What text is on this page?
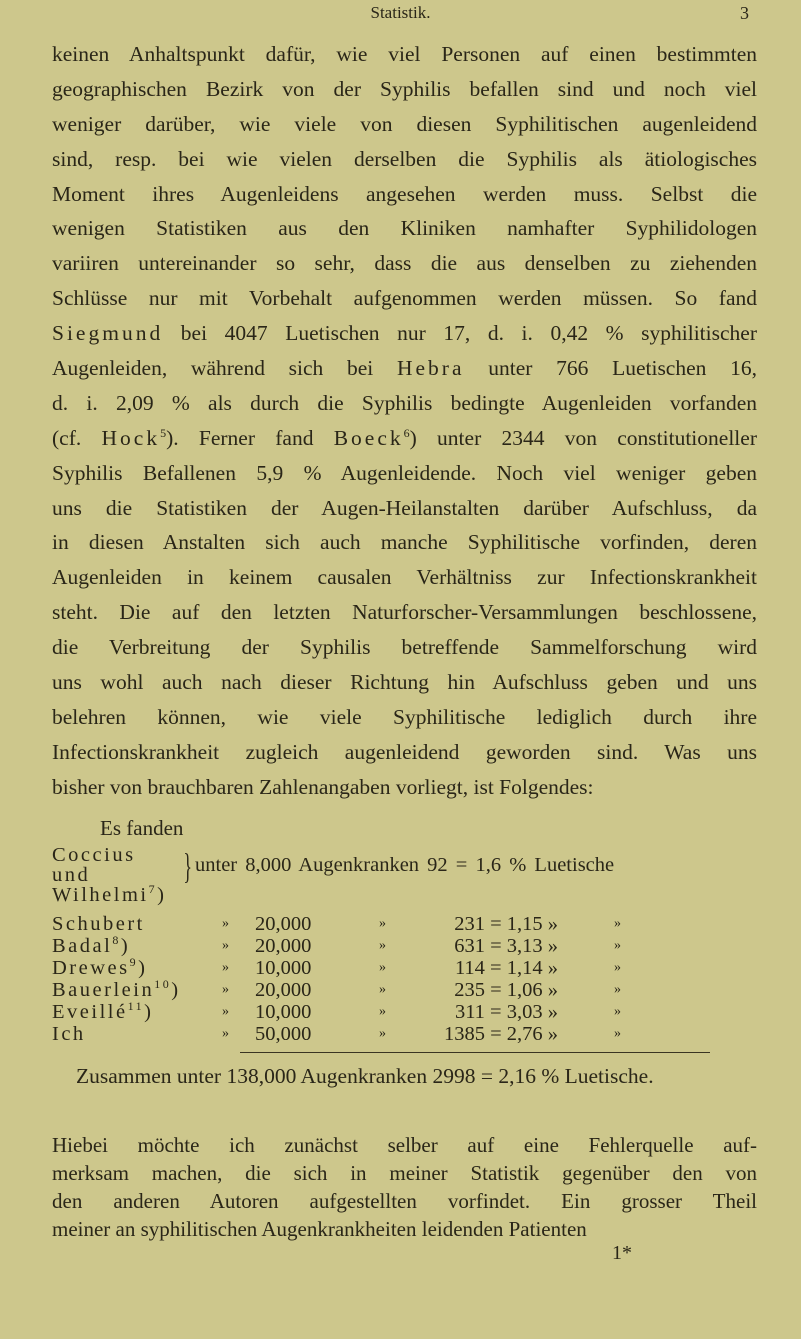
Statistik.	3
keinen Anhaltspunkt dafür, wie viel Personen auf einen bestimmten
geographischen Bezirk von der Syphilis befallen sind und noch viel
weniger darüber, wie viele von diesen Syphilitischen augenleidend
sind, resp. bei wie vielen derselben die Syphilis als ätiologisches
Moment ihres Augenleidens angesehen werden muss. Selbst die
wenigen Statistiken aus den Kliniken namhafter Syphilidologen
variiren untereinander so sehr, dass die aus denselben zu ziehenden
Schlüsse nur mit Vorbehalt aufgenommen werden müssen. So fand
Siegmund bei 4047 Luetischen nur 17, d. i. 0,42 % syphilitischer
Augenleiden, während sich bei Hebra unter 766 Luetischen 16,
d. i. 2,09 % als durch die Syphilis bedingte Augenleiden vorfanden
(cf. Hock$^5$). Ferner fand Boeck$^6$) unter 2344 von constitutioneller
Syphilis Befallenen 5,9 % Augenleidende. Noch viel weniger geben
uns die Statistiken der Augen-Heilanstalten darüber Aufschluss, da
in diesen Anstalten sich auch manche Syphilitische vorfinden, deren
Augenleiden in keinem causalen Verhältniss zur Infectionskrankheit
steht. Die auf den letzten Naturforscher-Versammlungen beschlossene,
die Verbreitung der Syphilis betreffende Sammelforschung wird
uns wohl auch nach dieser Richtung hin Aufschluss geben und uns
belehren können, wie viele Syphilitische lediglich durch ihre
Infectionskrankheit zugleich augenleidend geworden sind. Was uns
bisher von brauchbaren Zahlenangaben vorliegt, ist Folgendes:
Es fanden
Coccius und
Wilhelmi$^7$)
} unter 8,000 Augenkranken 92 = 1,6 % Luetische
Schubert	» 20,000	»	231 = 1,15 »	»
Badal$^8$)	» 20,000	»	631 = 3,13 »	»
Drewes$^9$)	» 10,000	»	114 = 1,14 »	»
Bauerlein$^{10}$)	» 20,000	»	235 = 1,06 »	»
Eveillé$^{11}$)	» 10,000	»	311 = 3,03 »	»
Ich	» 50,000	»	1385 = 2,76 »	»
Zusammen unter 138,000 Augenkranken 2998 = 2,16 % Luetische.
Hiebei möchte ich zunächst selber auf eine Fehlerquelle auf-
merksam machen, die sich in meiner Statistik gegenüber den von
den anderen Autoren aufgestellten vorfindet. Ein grosser Theil
meiner an syphilitischen Augenkrankheiten leidenden Patienten
1*
